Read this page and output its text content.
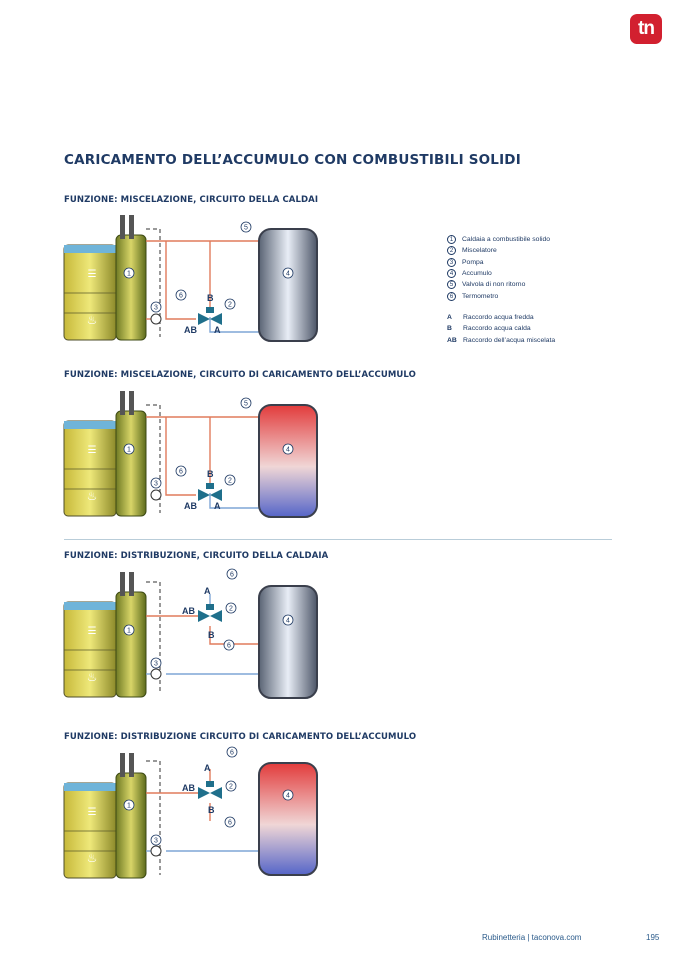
tn
CARICAMENTO DELL’ACCUMULO CON COMBUSTIBILI SOLIDI
FUNZIONE: MISCELAZIONE, CIRCUITO DELLA CALDAI
FUNZIONE: MISCELAZIONE, CIRCUITO DI CARICAMENTO DELL’ACCUMULO
FUNZIONE: DISTRIBUZIONE, CIRCUITO DELLA CALDAIA
FUNZIONE: DISTRIBUZIONE CIRCUITO DI CARICAMENTO DELL’ACCUMULO
☰
♨
B
AB A
1
2
3
4
5
6
☰
♨
B
AB A
1
2
3
4
5
6
☰
♨
A
B
AB
1
2
3
4
6
6
☰
♨
A
B
AB
1
2
3
4
6
6
1	Caldaia a combustibile solido
2	Miscelatore
3	Pompa
4	Accumulo
5	Valvola di non ritorno
6	Termometro
A	Raccordo acqua fredda
B	Raccordo acqua calda
AB Raccordo dell’acqua miscelata
Rubinetteria | taconova.com	195
